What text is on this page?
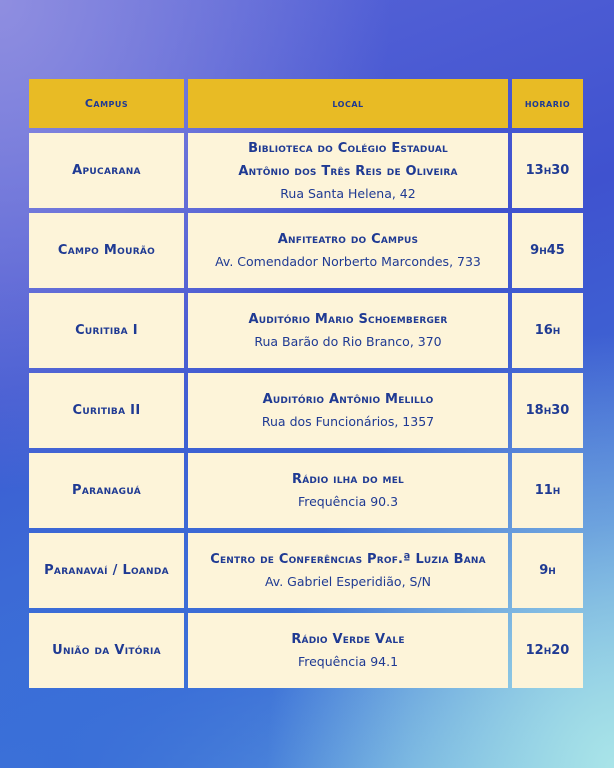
Campus	local	horario
Apucarana
Biblioteca do Colégio Estadual
Antônio dos Três Reis de Oliveira
Rua Santa Helena, 42
13h30
Campo Mourão
Anfiteatro do Campus
Av. Comendador Norberto Marcondes, 733
9h45
Curitiba I
Auditório Mario Schoemberger
Rua Barão do Rio Branco, 370
16h
Curitiba II
Auditório Antônio Melillo
Rua dos Funcionários, 1357
18h30
Paranaguá
Rádio ilha do mel
Frequência 90.3
11h
Paranavaí / Loanda
Centro de Conferências Prof.ª Luzia Bana
Av. Gabriel Esperidião, S/N
9h
União da Vitória
Rádio Verde Vale
Frequência 94.1
12h20
